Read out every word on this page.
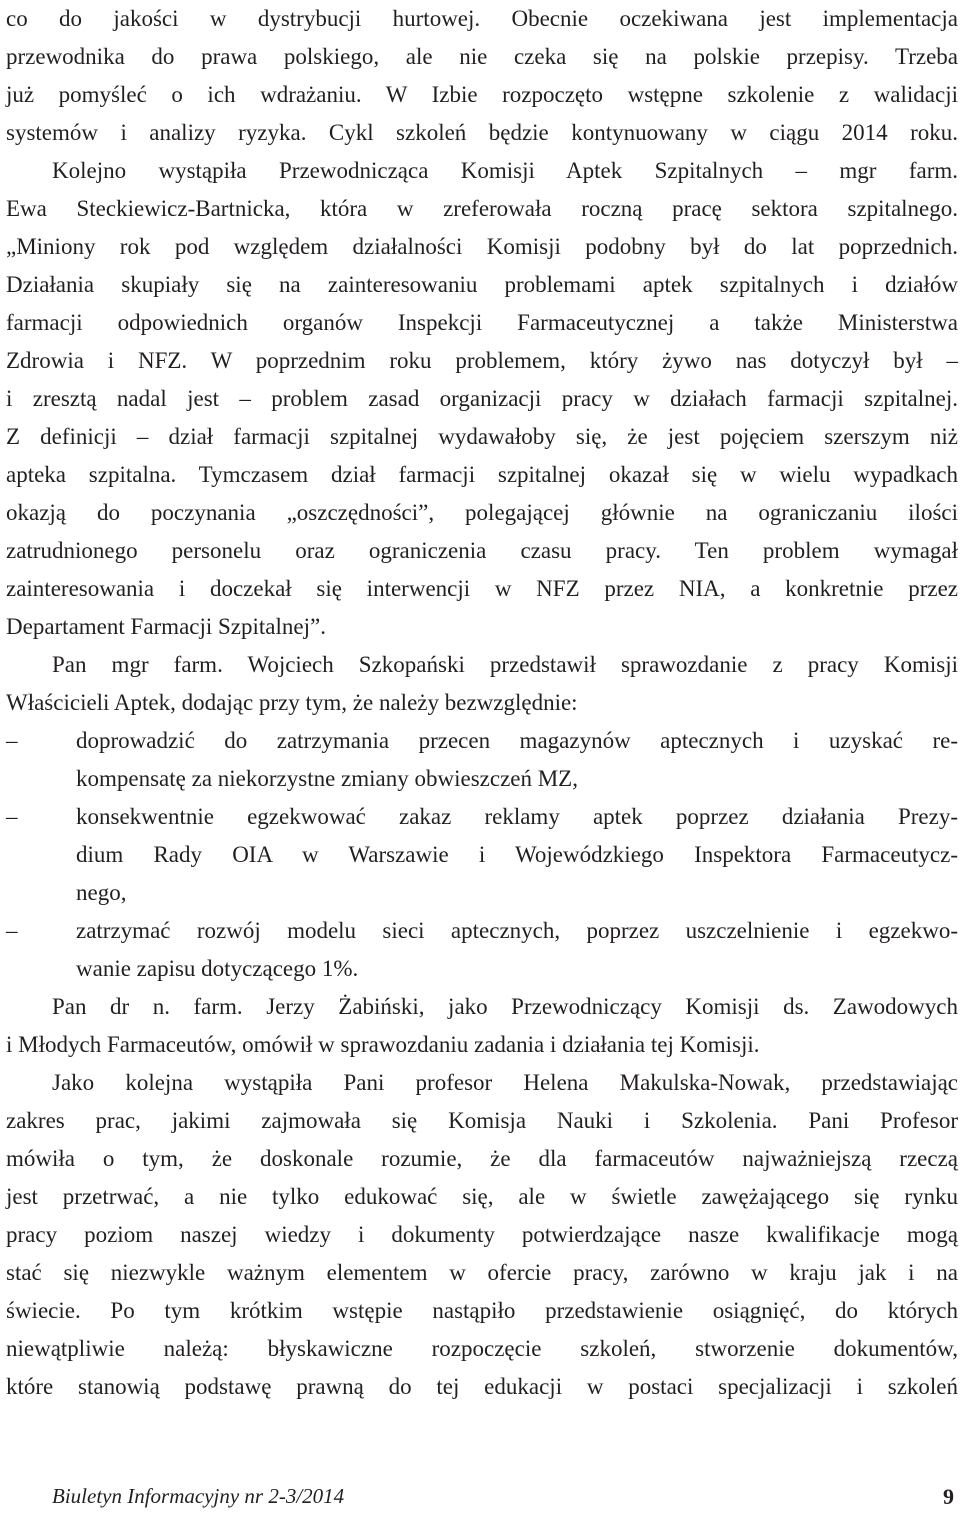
co do jakości w dystrybucji hurtowej. Obecnie oczekiwana jest implementacja
przewodnika do prawa polskiego, ale nie czeka się na polskie przepisy. Trzeba
już pomyśleć o ich wdrażaniu. W Izbie rozpoczęto wstępne szkolenie z walidacji
systemów i analizy ryzyka. Cykl szkoleń będzie kontynuowany w ciągu 2014 roku.
Kolejno wystąpiła Przewodnicząca Komisji Aptek Szpitalnych – mgr farm.
Ewa Steckiewicz-Bartnicka, która w zreferowała roczną pracę sektora szpitalnego.
„Miniony rok pod względem działalności Komisji podobny był do lat poprzednich.
Działania skupiały się na zainteresowaniu problemami aptek szpitalnych i działów
farmacji odpowiednich organów Inspekcji Farmaceutycznej a także Ministerstwa
Zdrowia i NFZ. W poprzednim roku problemem, który żywo nas dotyczył był –
i zresztą nadal jest – problem zasad organizacji pracy w działach farmacji szpitalnej.
Z definicji – dział farmacji szpitalnej wydawałoby się, że jest pojęciem szerszym niż
apteka szpitalna. Tymczasem dział farmacji szpitalnej okazał się w wielu wypadkach
okazją do poczynania „oszczędności”, polegającej głównie na ograniczaniu ilości
zatrudnionego personelu oraz ograniczenia czasu pracy. Ten problem wymagał
zainteresowania i doczekał się interwencji w NFZ przez NIA, a konkretnie przez
Departament Farmacji Szpitalnej”.
Pan mgr farm. Wojciech Szkopański przedstawił sprawozdanie z pracy Komisji
Właścicieli Aptek, dodając przy tym, że należy bezwzględnie:
–	doprowadzić do zatrzymania przecen magazynów aptecznych i uzyskać re-
kompensatę za niekorzystne zmiany obwieszczeń MZ,
–	konsekwentnie egzekwować zakaz reklamy aptek poprzez działania Prezy-
dium Rady OIA w Warszawie i Wojewódzkiego Inspektora Farmaceutycz-
nego,
–	zatrzymać rozwój modelu sieci aptecznych, poprzez uszczelnienie i egzekwo-
wanie zapisu dotyczącego 1%.
Pan dr n. farm. Jerzy Żabiński, jako Przewodniczący Komisji ds. Zawodowych
i Młodych Farmaceutów, omówił w sprawozdaniu zadania i działania tej Komisji.
Jako kolejna wystąpiła Pani profesor Helena Makulska-Nowak, przedstawiając
zakres prac, jakimi zajmowała się Komisja Nauki i Szkolenia. Pani Profesor
mówiła o tym, że doskonale rozumie, że dla farmaceutów najważniejszą rzeczą
jest przetrwać, a nie tylko edukować się, ale w świetle zawężającego się rynku
pracy poziom naszej wiedzy i dokumenty potwierdzające nasze kwalifikacje mogą
stać się niezwykle ważnym elementem w ofercie pracy, zarówno w kraju jak i na
świecie. Po tym krótkim wstępie nastąpiło przedstawienie osiągnięć, do których
niewątpliwie należą: błyskawiczne rozpoczęcie szkoleń, stworzenie dokumentów,
które stanowią podstawę prawną do tej edukacji w postaci specjalizacji i szkoleń
Biuletyn Informacyjny nr 2-3/2014	9
